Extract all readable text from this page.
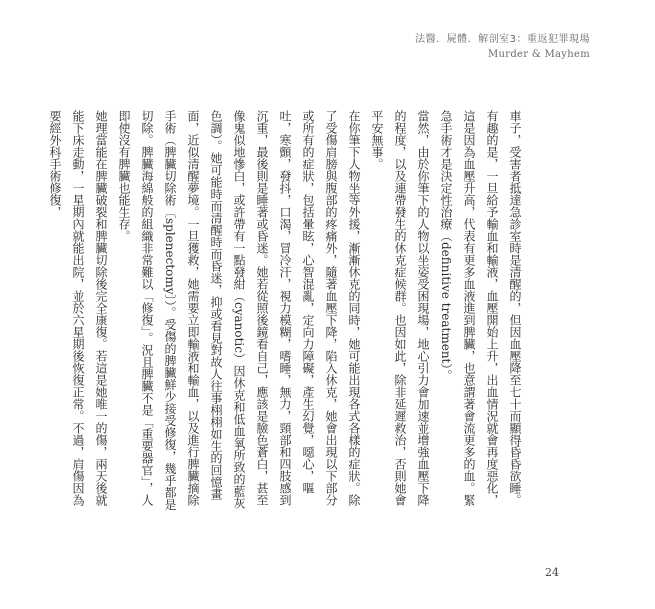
法醫．屍體．解剖室3：重返犯罪現場
Murder & Mayhem

車子，受害者抵達急診室時是清醒的，但因血壓降至七十而顯得昏昏欲睡。有趣的是，一旦給予輸血和輸液，血壓開始上升，出血情況就會再度惡化，這是因為血壓升高，代表有更多血液進到脾臟，也意謂著會流更多的血。緊急手術才是決定性治療（definitive treatment）。

當然，由於你筆下的人物以坐姿受困現場，地心引力會加速並增強血壓下降的程度，以及連帶發生的休克症候群。也因如此，除非延遲救治，否則她會平安無事。

在你筆下人物坐等外援，漸漸休克的同時，她可能出現各式各樣的症狀。除了受傷肩膀與腹部的疼痛外，隨著血壓下降，陷入休克，她會出現以下部分或所有的症狀，包括暈眩，心智混亂，定向力障礙，產生幻覺，噁心，嘔吐，寒顫，發抖，口渴，冒冷汗，視力模糊，嗜睡，無力，頸部和四肢感到沉重，最後則是睡著或昏迷。她若從照後鏡看自己，應該是臉色蒼白，甚至像鬼似地慘白，或許帶有一點發紺（cyanotic）因休克和低血氧所致的藍灰色調）。她可能時而清醒時而昏迷，抑或看見對故人往事栩栩如生的回憶畫面，近似清醒夢境。一旦獲救，她需要立即輸液和輸血，以及進行脾臟摘除手術（脾臟切除術〔splenectomy〕）。受傷的脾臟鮮少接受修復，幾乎都是切除。脾臟海綿般的組織非常難以「修復」。況且脾臟不是「重要器官」，人即使沒有脾臟也能生存。

她理當能在脾臟破裂和脾臟切除後完全康復。若這是她唯一的傷，兩天後就能下床走動，一星期內就能出院，並於六星期後恢復正常。不過，肩傷因為要經外科手術修復，

24
